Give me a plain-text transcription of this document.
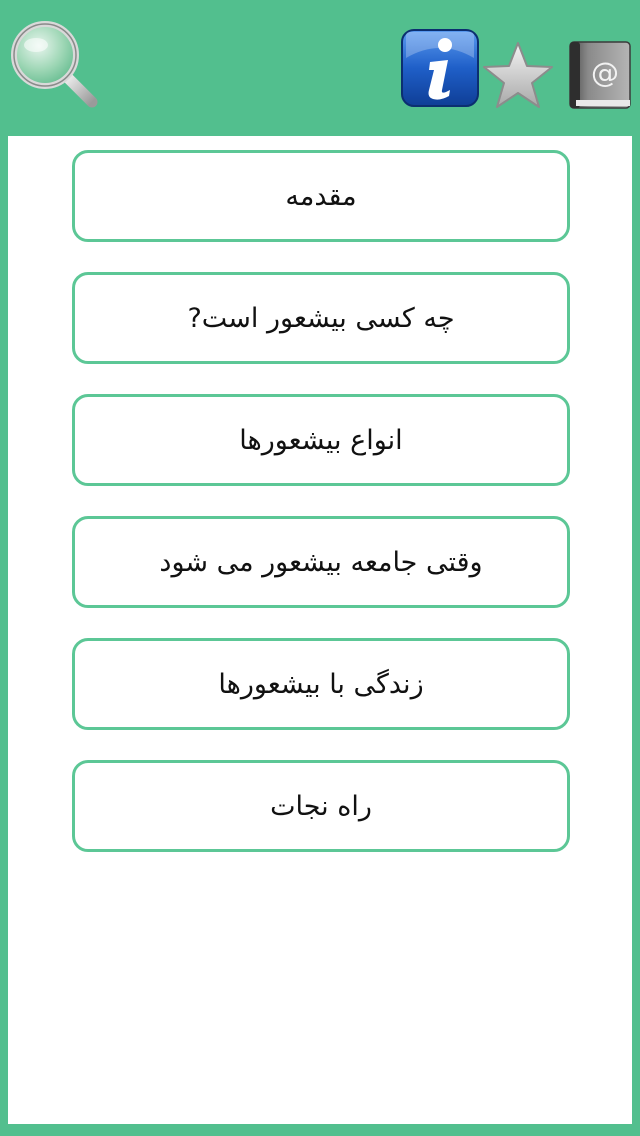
@
مقدمه
چه کسی بیشعور است?
انواع بیشعورها
وقتی جامعه بیشعور می شود
زندگی با بیشعورها
راه نجات
